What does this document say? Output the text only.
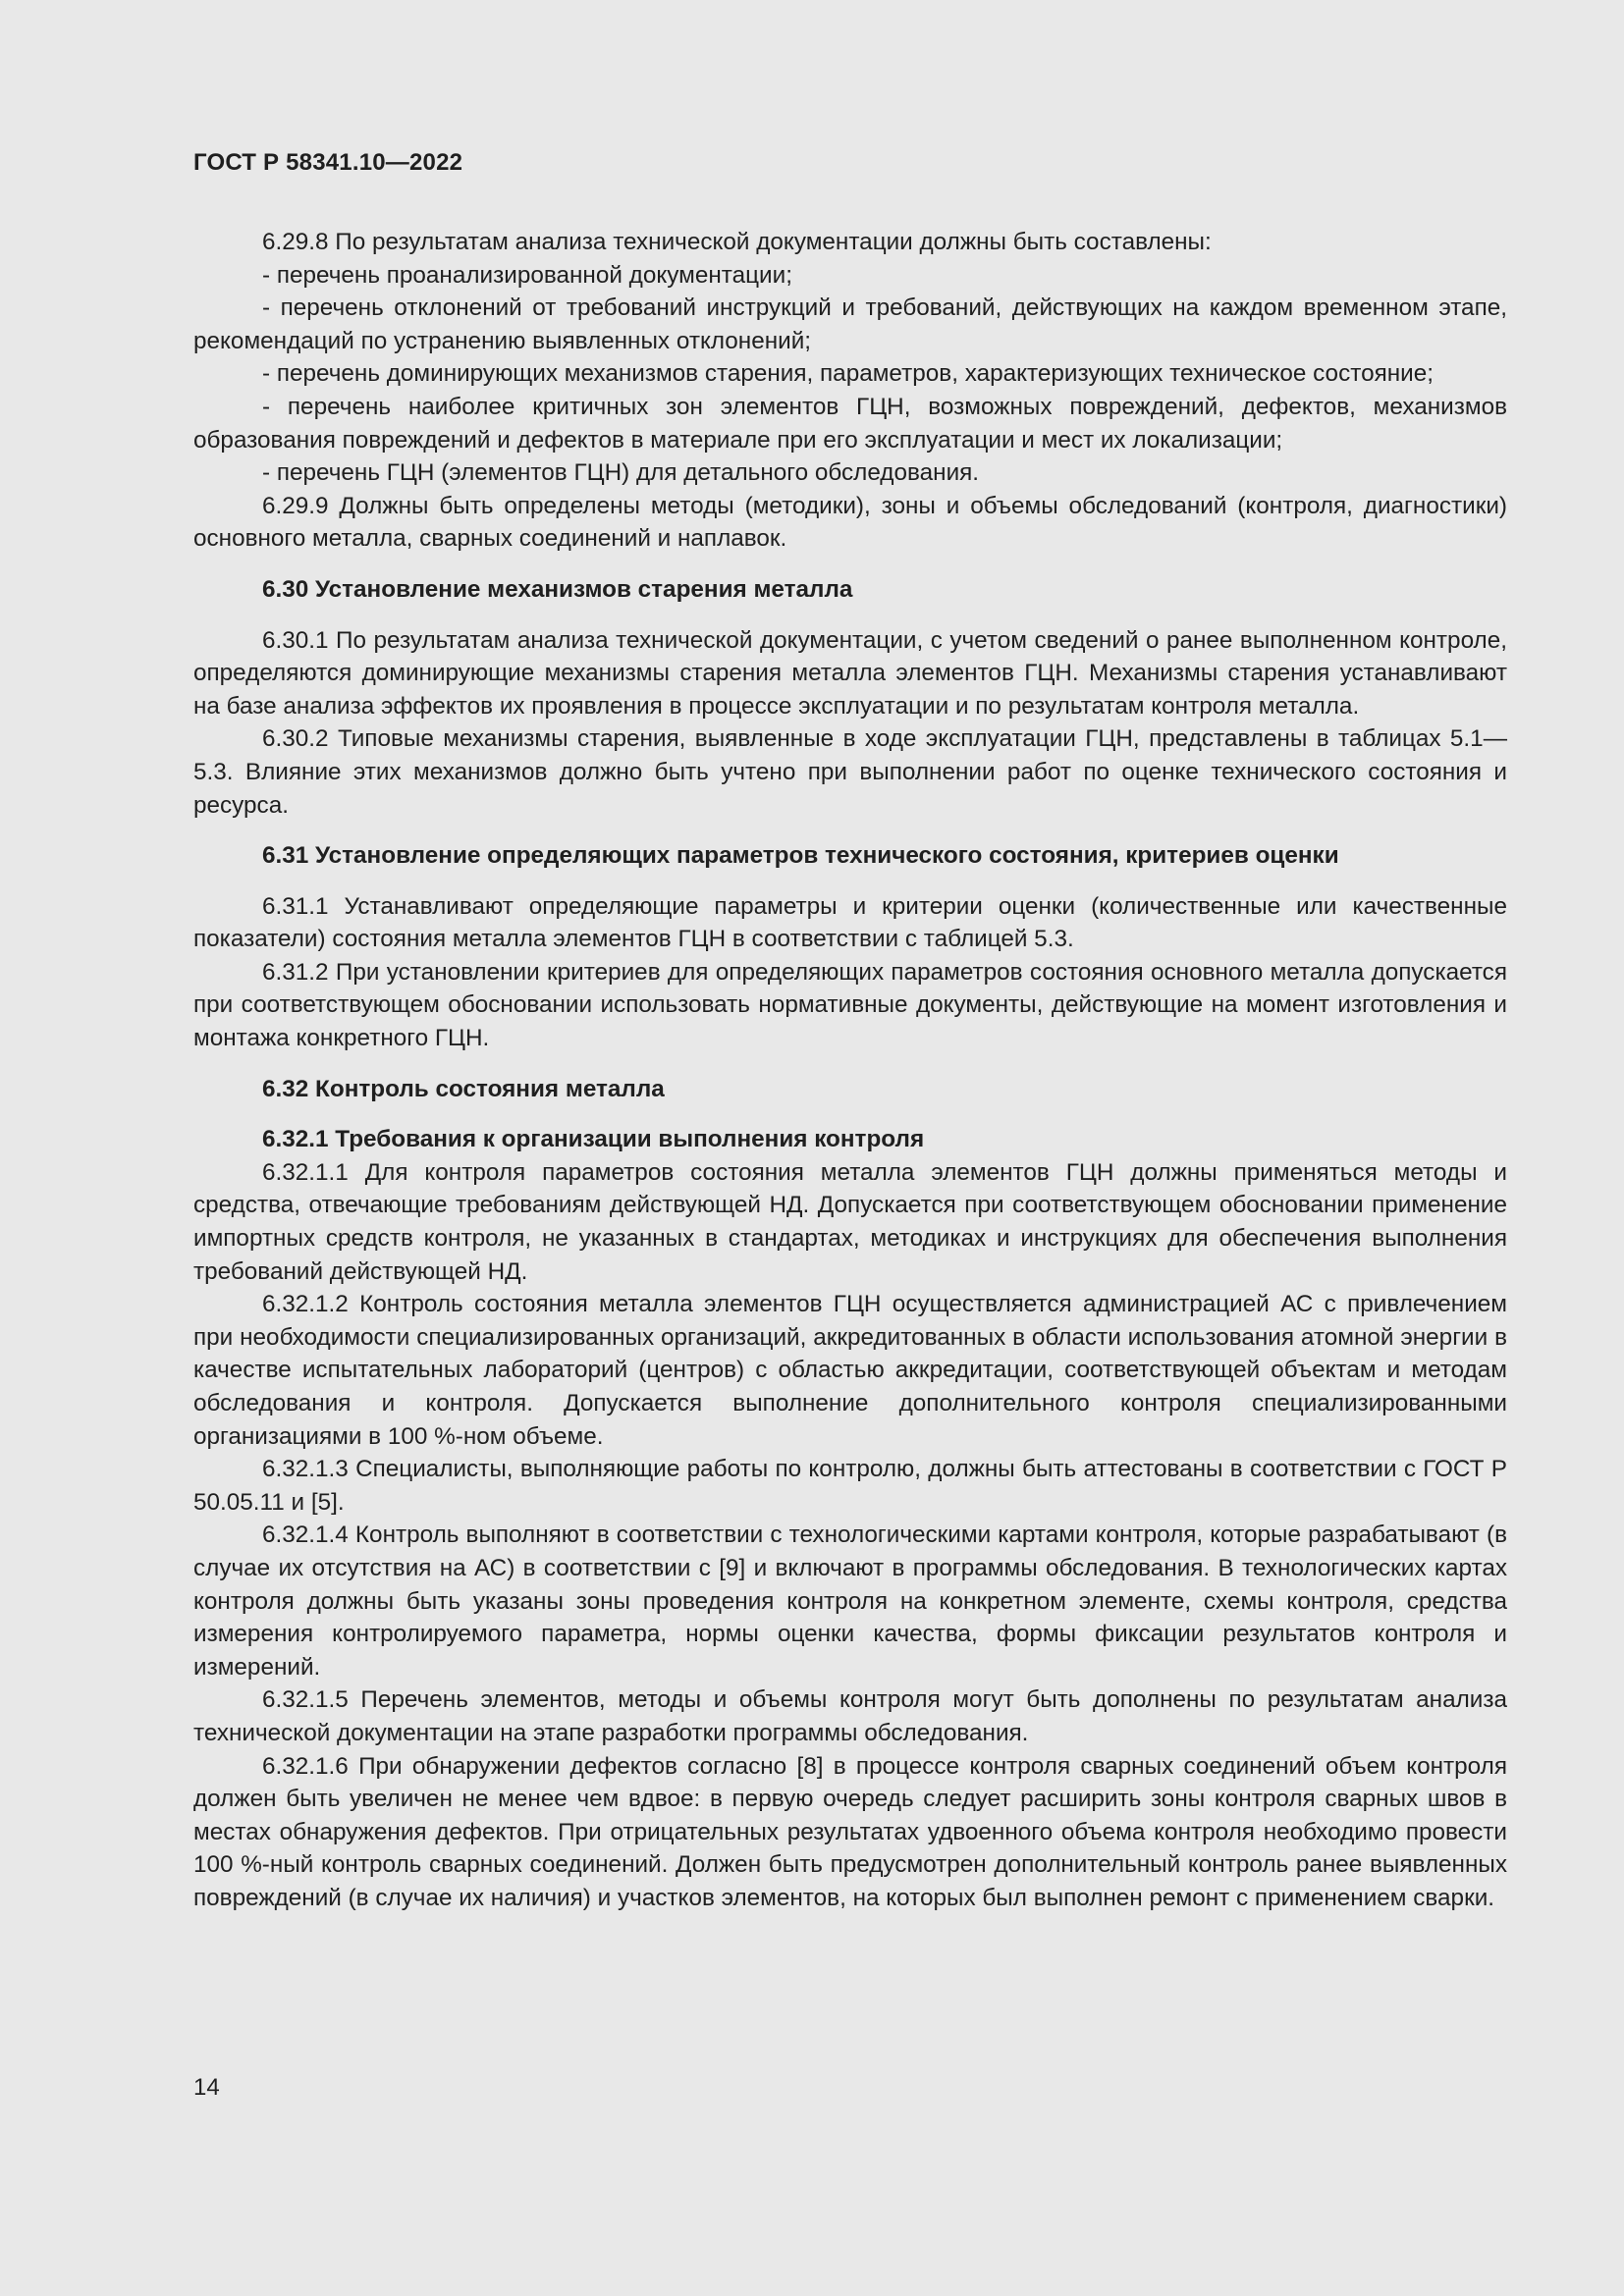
ГОСТ Р 58341.10—2022

6.29.8 По результатам анализа технической документации должны быть составлены:

- перечень проанализированной документации;

- перечень отклонений от требований инструкций и требований, действующих на каждом временном этапе, рекомендаций по устранению выявленных отклонений;

- перечень доминирующих механизмов старения, параметров, характеризующих техническое состояние;

- перечень наиболее критичных зон элементов ГЦН, возможных повреждений, дефектов, механизмов образования повреждений и дефектов в материале при его эксплуатации и мест их локализации;

- перечень ГЦН (элементов ГЦН) для детального обследования.

6.29.9 Должны быть определены методы (методики), зоны и объемы обследований (контроля, диагностики) основного металла, сварных соединений и наплавок.

6.30 Установление механизмов старения металла

6.30.1 По результатам анализа технической документации, с учетом сведений о ранее выполненном контроле, определяются доминирующие механизмы старения металла элементов ГЦН. Механизмы старения устанавливают на базе анализа эффектов их проявления в процессе эксплуатации и по результатам контроля металла.

6.30.2 Типовые механизмы старения, выявленные в ходе эксплуатации ГЦН, представлены в таблицах 5.1—5.3. Влияние этих механизмов должно быть учтено при выполнении работ по оценке технического состояния и ресурса.

6.31 Установление определяющих параметров технического состояния, критериев оценки

6.31.1 Устанавливают определяющие параметры и критерии оценки (количественные или качественные показатели) состояния металла элементов ГЦН в соответствии с таблицей 5.3.

6.31.2 При установлении критериев для определяющих параметров состояния основного металла допускается при соответствующем обосновании использовать нормативные документы, действующие на момент изготовления и монтажа конкретного ГЦН.

6.32 Контроль состояния металла
6.32.1 Требования к организации выполнения контроля

6.32.1.1 Для контроля параметров состояния металла элементов ГЦН должны применяться методы и средства, отвечающие требованиям действующей НД. Допускается при соответствующем обосновании применение импортных средств контроля, не указанных в стандартах, методиках и инструкциях для обеспечения выполнения требований действующей НД.

6.32.1.2 Контроль состояния металла элементов ГЦН осуществляется администрацией АС с привлечением при необходимости специализированных организаций, аккредитованных в области использования атомной энергии в качестве испытательных лабораторий (центров) с областью аккредитации, соответствующей объектам и методам обследования и контроля. Допускается выполнение дополнительного контроля специализированными организациями в 100 %-ном объеме.

6.32.1.3 Специалисты, выполняющие работы по контролю, должны быть аттестованы в соответствии с ГОСТ Р 50.05.11 и [5].

6.32.1.4 Контроль выполняют в соответствии с технологическими картами контроля, которые разрабатывают (в случае их отсутствия на АС) в соответствии с [9] и включают в программы обследования. В технологических картах контроля должны быть указаны зоны проведения контроля на конкретном элементе, схемы контроля, средства измерения контролируемого параметра, нормы оценки качества, формы фиксации результатов контроля и измерений.

6.32.1.5 Перечень элементов, методы и объемы контроля могут быть дополнены по результатам анализа технической документации на этапе разработки программы обследования.

6.32.1.6 При обнаружении дефектов согласно [8] в процессе контроля сварных соединений объем контроля должен быть увеличен не менее чем вдвое: в первую очередь следует расширить зоны контроля сварных швов в местах обнаружения дефектов. При отрицательных результатах удвоенного объема контроля необходимо провести 100 %-ный контроль сварных соединений. Должен быть предусмотрен дополнительный контроль ранее выявленных повреждений (в случае их наличия) и участков элементов, на которых был выполнен ремонт с применением сварки.

14
